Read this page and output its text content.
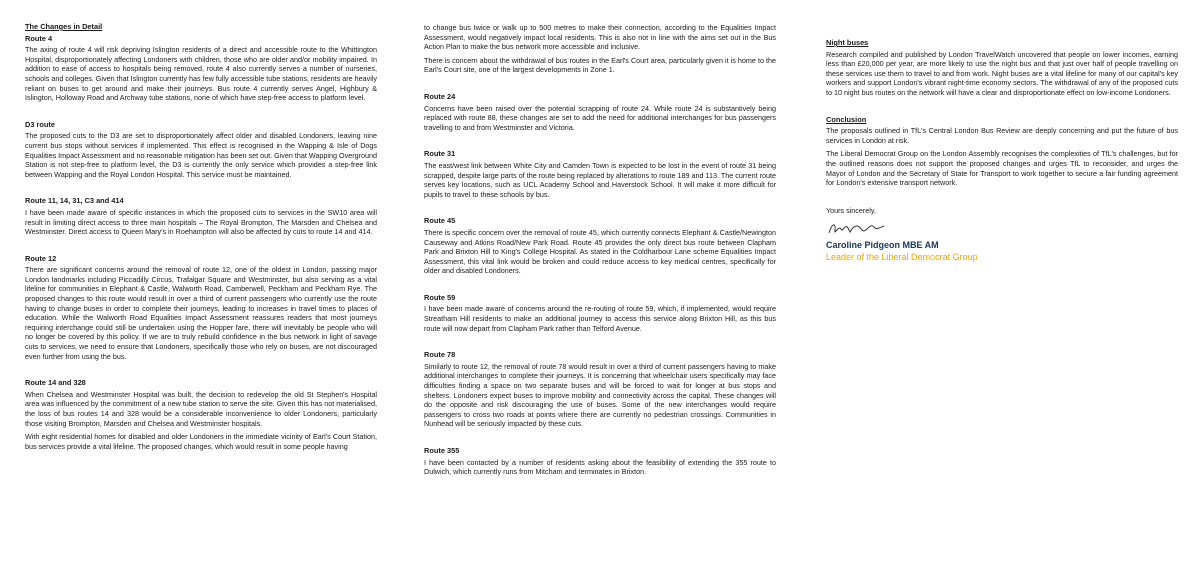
The Changes in Detail
Route 4

The axing of route 4 will risk depriving Islington residents of a direct and accessible route to the Whittington Hospital, disproportionately affecting Londoners with children, those who are older and/or mobility impaired. In addition to ease of access to hospitals being removed, route 4 also currently serves a number of nurseries, schools and colleges. Given that Islington currently has few fully accessible tube stations, residents are heavily reliant on buses to get around and make their journeys. Bus route 4 currently serves Angel, Highbury & Islington, Holloway Road and Archway tube stations, none of which have step-free access to platform level.

D3 route

The proposed cuts to the D3 are set to disproportionately affect older and disabled Londoners, leaving nine current bus stops without services if implemented. This effect is recognised in the Wapping & Isle of Dogs Equalities Impact Assessment and no reasonable mitigation has been set out. Given that Wapping Overground Station is not step-free to platform level, the D3 is currently the only service which provides a step-free link between Wapping and the Royal London Hospital. This service must be maintained.

Route 11, 14, 31, C3 and 414

I have been made aware of specific instances in which the proposed cuts to services in the SW10 area will result in limiting direct access to three main hospitals – The Royal Brompton, The Marsden and Chelsea and Westminster. Direct access to Queen Mary's in Roehampton will also be affected by cuts to route 14 and 414.

Route 12

There are significant concerns around the removal of route 12, one of the oldest in London, passing major London landmarks including Piccadilly Circus, Trafalgar Square and Westminster, but also serving as a vital lifeline for communities in Elephant & Castle, Walworth Road, Camberwell, Peckham and Peckham Rye. The proposed changes to this route would result in over a third of current passengers who currently use the route having to change buses in order to complete their journeys, leading to increases in travel times to places of education. While the Walworth Road Equalities Impact Assessment reassures readers that most journeys requiring interchange could still be undertaken using the Hopper fare, there will inevitably be people who will no longer be covered by this policy. If we are to truly rebuild confidence in the bus network in light of savage cuts to services, we need to ensure that Londoners, specifically those who rely on buses, are not discouraged even further from using the bus.

Route 14 and 328

When Chelsea and Westminster Hospital was built, the decision to redevelop the old St Stephen's Hospital area was influenced by the commitment of a new tube station to serve the site. Given this has not materialised, the loss of bus routes 14 and 328 would be a considerable inconvenience to older Londoners, particularly those visiting Brompton, Marsden and Chelsea and Westminster hospitals.

With eight residential homes for disabled and older Londoners in the immediate vicinity of Earl's Court Station, bus services provide a vital lifeline. The proposed changes, which would result in some people having

to change bus twice or walk up to 500 metres to make their connection, according to the Equalities Impact Assessment, would negatively impact local residents. This is also not in line with the aims set out in the Bus Action Plan to make the bus network more accessible and inclusive.

There is concern about the withdrawal of bus routes in the Earl's Court area, particularly given it is home to the Earl's Court site, one of the largest developments in Zone 1.

Route 24

Concerns have been raised over the potential scrapping of route 24. While route 24 is substantively being replaced with route 88, these changes are set to add the need for additional interchanges for bus passengers travelling to and from Westminster and Victoria.

Route 31

The east/west link between White City and Camden Town is expected to be lost in the event of route 31 being scrapped, despite large parts of the route being replaced by alterations to route 189 and 113. The current route serves key locations, such as UCL Academy School and Haverstock School. It will make it more difficult for pupils to travel to these schools by bus.

Route 45

There is specific concern over the removal of route 45, which currently connects Elephant & Castle/Newington Causeway and Atkins Road/New Park Road. Route 45 provides the only direct bus route between Clapham Park and Brixton Hill to King's College Hospital. As stated in the Coldharbour Lane scheme Equalities Impact Assessment, this vital link would be broken and could reduce access to key medical centres, specifically for older and disabled Londoners.

Route 59

I have been made aware of concerns around the re-routing of route 59, which, if implemented, would require Streatham Hill residents to make an additional journey to access this service along Brixton Hill, as this bus route will now depart from Clapham Park rather than Telford Avenue.

Route 78

Similarly to route 12, the removal of route 78 would result in over a third of current passengers having to make additional interchanges to complete their journeys. It is concerning that wheelchair users specifically may face difficulties finding a space on two separate buses and will be forced to wait for longer at bus stops and shelters. Londoners expect buses to improve mobility and connectivity across the capital. These changes will do the opposite and risk discouraging the use of buses. Some of the new interchanges would require passengers to cross two roads at points where there are currently no pedestrian crossings. Communities in Nunhead will be seriously impacted by these cuts.

Route 355

I have been contacted by a number of residents asking about the feasibility of extending the 355 route to Dulwich, which currently runs from Mitcham and terminates in Brixton.

Night buses

Research compiled and published by London TravelWatch uncovered that people on lower incomes, earning less than £20,000 per year, are more likely to use the night bus and that just over half of people travelling on these services use them to travel to and from work. Night buses are a vital lifeline for many of our capital's key workers and support London's vibrant night-time economy sectors. The withdrawal of any of the proposed cuts to 10 night bus routes on the network will have a clear and disproportionate effect on low-income Londoners.

Conclusion

The proposals outlined in TfL's Central London Bus Review are deeply concerning and put the future of bus services in London at risk.

The Liberal Democrat Group on the London Assembly recognises the complexities of TfL's challenges, but for the outlined reasons does not support the proposed changes and urges TfL to reconsider, and urges the Mayor of London and the Secretary of State for Transport to work together to secure a fair funding agreement for London's extensive transport network.

Yours sincerely,
Caroline Pidgeon MBE AM
Leader of the Liberal Democrat Group
